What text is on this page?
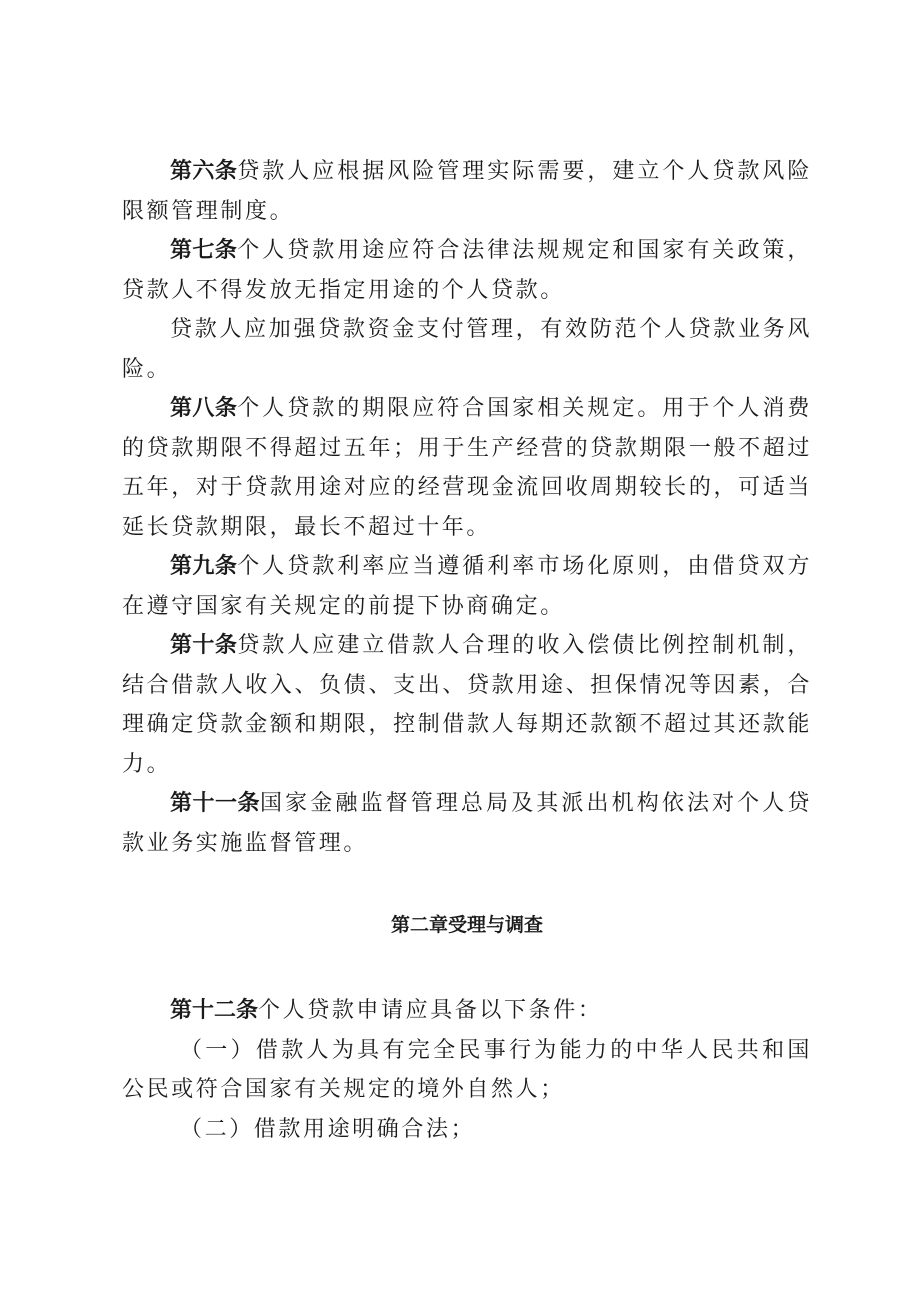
第六条贷款人应根据风险管理实际需要，建立个人贷款风险限额管理制度。

第七条个人贷款用途应符合法律法规规定和国家有关政策，贷款人不得发放无指定用途的个人贷款。

贷款人应加强贷款资金支付管理，有效防范个人贷款业务风险。

第八条个人贷款的期限应符合国家相关规定。用于个人消费的贷款期限不得超过五年；用于生产经营的贷款期限一般不超过五年，对于贷款用途对应的经营现金流回收周期较长的，可适当延长贷款期限，最长不超过十年。

第九条个人贷款利率应当遵循利率市场化原则，由借贷双方在遵守国家有关规定的前提下协商确定。

第十条贷款人应建立借款人合理的收入偿债比例控制机制，结合借款人收入、负债、支出、贷款用途、担保情况等因素，合理确定贷款金额和期限，控制借款人每期还款额不超过其还款能力。

第十一条国家金融监督管理总局及其派出机构依法对个人贷款业务实施监督管理。

第二章受理与调查

第十二条个人贷款申请应具备以下条件：

（一）借款人为具有完全民事行为能力的中华人民共和国公民或符合国家有关规定的境外自然人；

（二）借款用途明确合法；
